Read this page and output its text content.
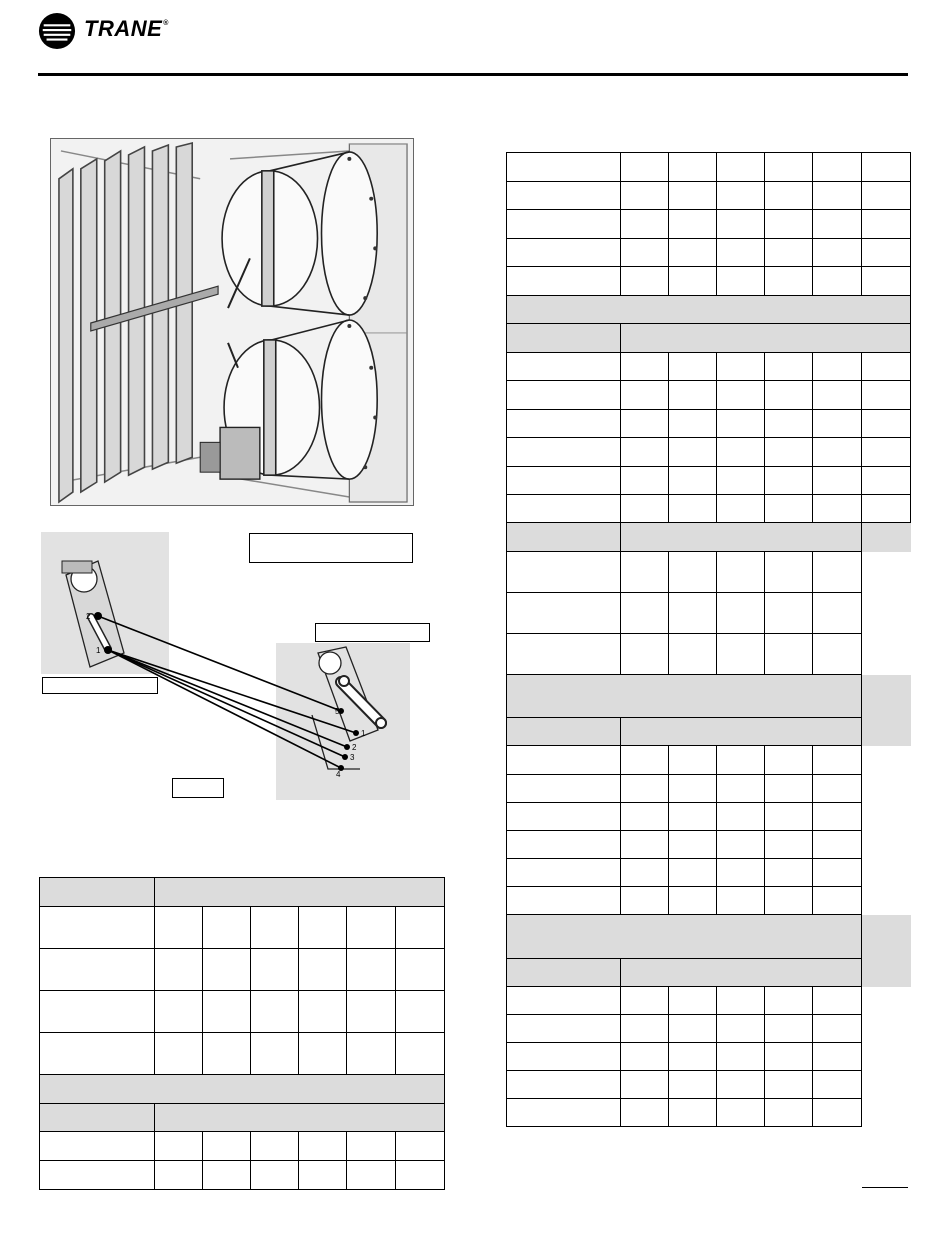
TRANE®
2
1
5
1
2
3
4
